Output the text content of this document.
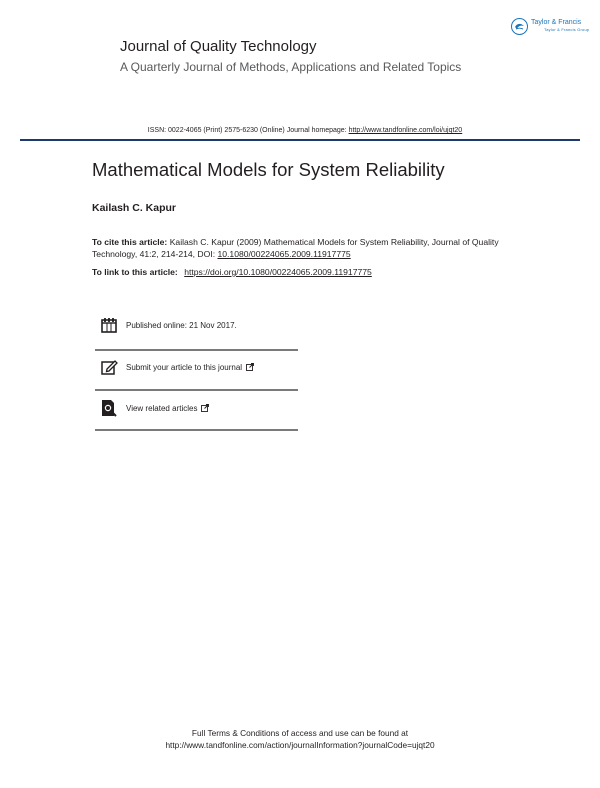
Taylor & Francis
Taylor & Francis Group
Journal of Quality Technology
A Quarterly Journal of Methods, Applications and Related Topics
ISSN: 0022-4065 (Print) 2575-6230 (Online) Journal homepage: http://www.tandfonline.com/loi/ujqt20
Mathematical Models for System Reliability
Kailash C. Kapur
To cite this article: Kailash C. Kapur (2009) Mathematical Models for System Reliability, Journal of Quality Technology, 41:2, 214-214, DOI: 10.1080/00224065.2009.11917775
To link to this article: https://doi.org/10.1080/00224065.2009.11917775
Published online: 21 Nov 2017.
Submit your article to this journal
View related articles
Full Terms & Conditions of access and use can be found at
http://www.tandfonline.com/action/journalInformation?journalCode=ujqt20
